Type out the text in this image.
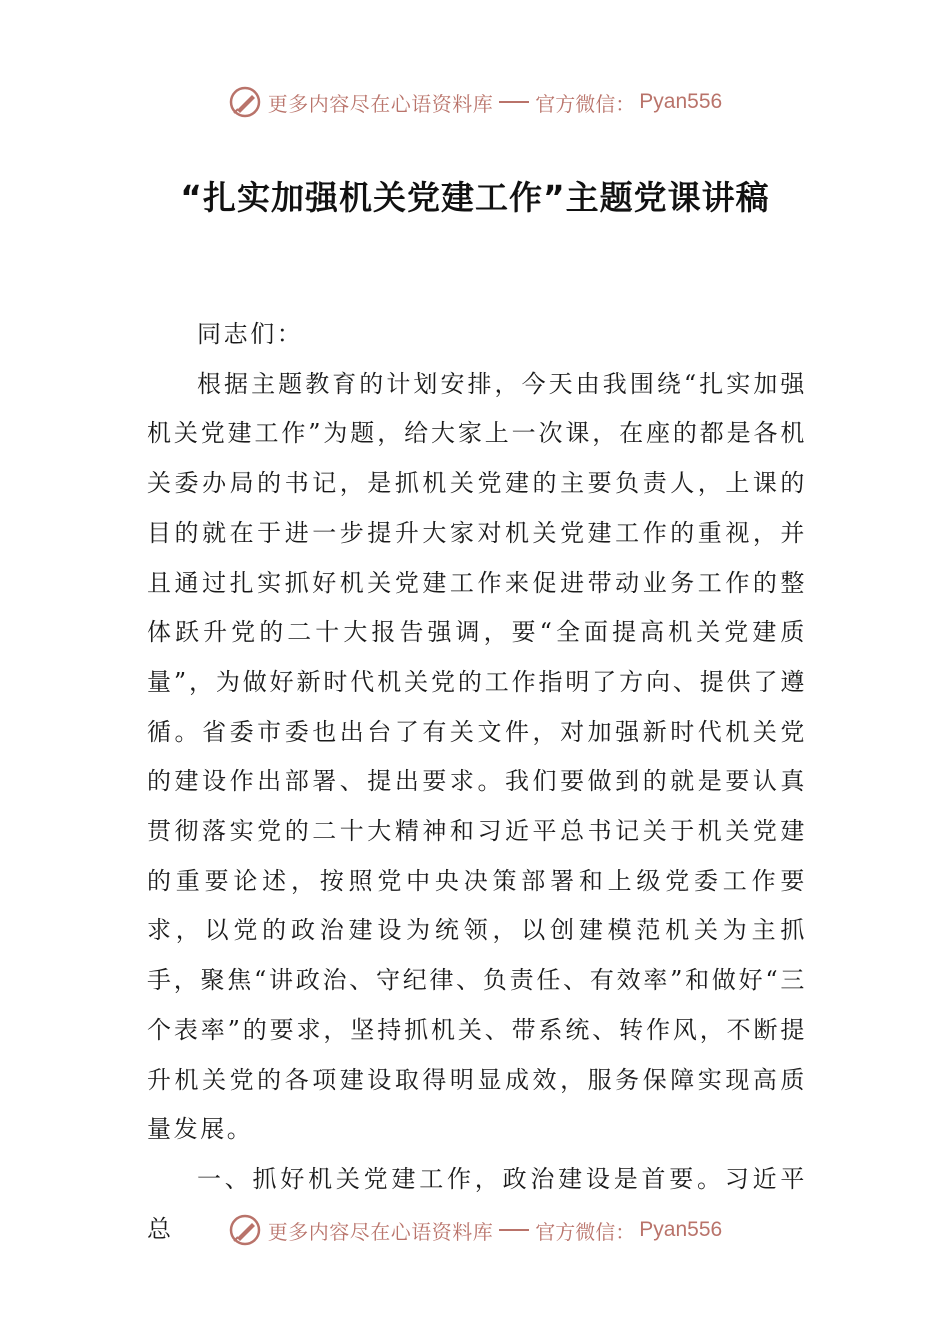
更多内容尽在心语资料库 官方微信： Pyan556
“扎实加强机关党建工作”主题党课讲稿

同志们：

根据主题教育的计划安排，今天由我围绕“扎实加强机关党建工作”为题，给大家上一次课，在座的都是各机关委办局的书记，是抓机关党建的主要负责人，上课的目的就在于进一步提升大家对机关党建工作的重视，并且通过扎实抓好机关党建工作来促进带动业务工作的整体跃升党的二十大报告强调，要“全面提高机关党建质量”，为做好新时代机关党的工作指明了方向、提供了遵循。省委市委也出台了有关文件，对加强新时代机关党的建设作出部署、提出要求。我们要做到的就是要认真贯彻落实党的二十大精神和习近平总书记关于机关党建的重要论述，按照党中央决策部署和上级党委工作要求，以党的政治建设为统领，以创建模范机关为主抓手，聚焦“讲政治、守纪律、负责任、有效率”和做好“三个表率”的要求，坚持抓机关、带系统、转作风，不断提升机关党的各项建设取得明显成效，服务保障实现高质量发展。

一、抓好机关党建工作，政治建设是首要。习近平总	更多内容尽在心语资料库 官方微信： Pyan556
